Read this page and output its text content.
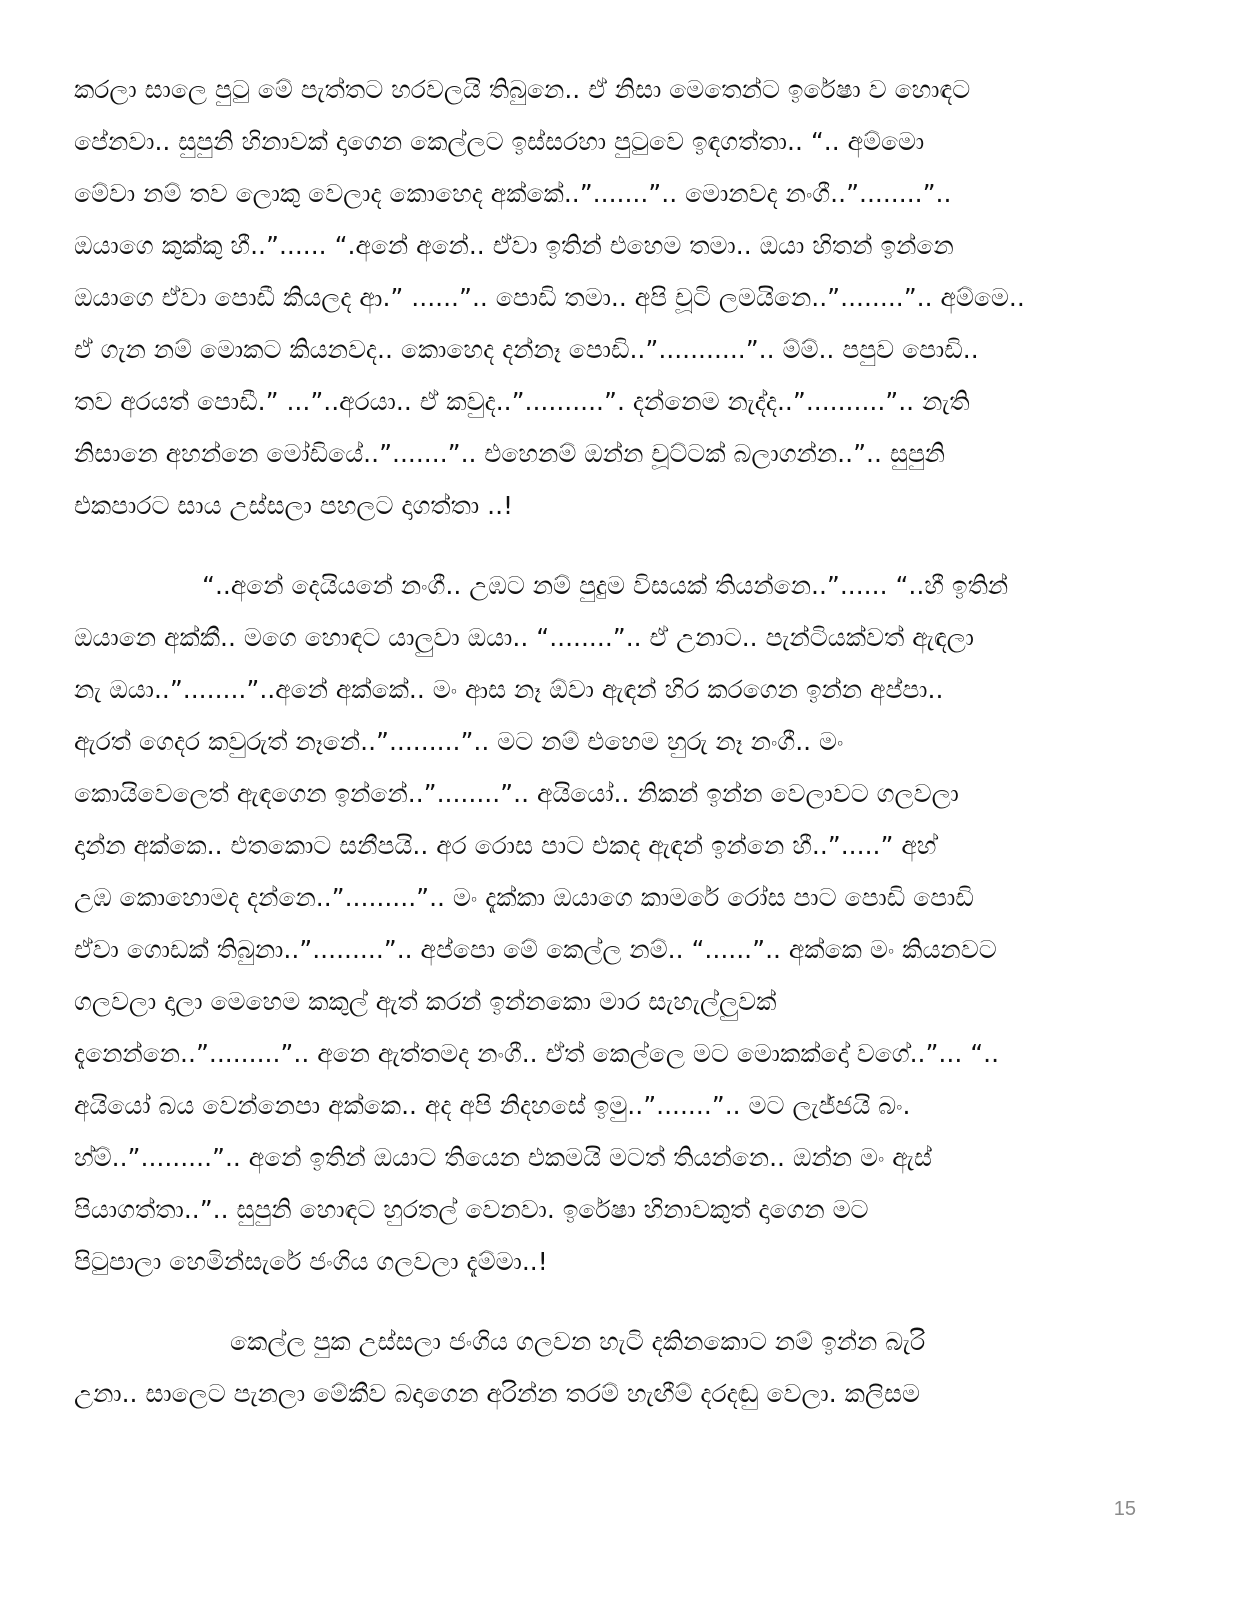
කරලා සාලෙ පුටු මේ පැත්තට හරවලයි තිබුනෙ.. ඒ නිසා මෙතෙන්ට ඉරේෂා ව හොඳට
පේනවා.. සුපුනි හිනාවක් දාගෙන කෙල්ලට ඉස්සරහා පුටුවෙ ඉඳගත්තා.. “.. අම්මො
මේවා නම් තව ලොකු වෙලාද කොහෙද අක්කේ..”.......”.. මොනවද නංගී..”........”..
ඔයාගෙ කුක්කු හී..”...... “.අනේ අනේ.. ඒවා ඉතින් එහෙම තමා.. ඔයා හිතන් ඉන්නෙ
ඔයාගෙ ඒවා පොඩී කියලද ආ.” ......”.. පොඩි තමා.. අපි චූටි ලමයිනෙ..”........”.. අම්මෙ..
ඒ ගැන නම් මොකට කියනවද.. කොහෙද දන්නෑ පොඩි..”...........”.. ම්ම්.. පපුව පොඩි..
තව අරයත් පොඩී.” ...”..අරයා.. ඒ කවුද..”..........”. දන්නෙම නැද්ද..”..........”.. නැති
නිසානෙ අහන්නෙ මෝඩියේ..”.......”.. එහෙනම් ඔන්න චූට්ටක් බලාගන්න..”.. සුපුනි
එකපාරට සාය උස්සලා පහලට දාගත්තා ..!
“..අනේ දෙයියනේ නංගී.. උඹට නම් පුදුම විසයක් තියන්නෙ..”...... “..හී ඉතින්
ඔයානෙ අක්කී.. මගෙ හොඳට යාලුවා ඔයා.. “........”.. ඒ උනාට.. පැන්ටියක්වත් ඇඳලා
නැ ඔයා..”........”..අනේ අක්කේ.. මං ආස නෑ ඕවා ඇඳන් හිර කරගෙන ඉන්න අප්පා..
ඇරත් ගෙදර කවුරුත් නෑනේ..”.........”.. මට නම් එහෙම හුරු නෑ නංගී.. මං
කොයිවෙලෙත් ඇඳගෙන ඉන්නේ..”........”.. අයියෝ.. නිකන් ඉන්න වෙලාවට ගලවලා
දාන්න අක්කෙ.. එතකොට සනීපයි.. අර රොස පාට එකද ඇඳන් ඉන්නෙ හී..”.....” අහ්
උඹ කොහොමද දන්නෙ..”.........”.. මං දැක්කා ඔයාගෙ කාමරේ රෝස පාට පොඩි පොඩි
ඒවා ගොඩක් තිබුනා..”.........”.. අප්පො මේ කෙල්ල නම්.. “......”.. අක්කෙ මං කියනවට
ගලවලා දාලා මෙහෙම කකුල් ඇත් කරන් ඉන්නකො මාර සැහැල්ලුවක්
දැනෙන්නෙ..”.........”.. අනෙ ඇත්තමද නංගී.. ඒත් කෙල්ලෙ මට මොකක්දෝ වගේ..”... “..
අයියෝ බය වෙන්නෙපා අක්කෙ.. අද අපි නිදහසේ ඉමු..”.......”.. මට ලැජ්ජයි බං.
හ්ම්..”.........”.. අනේ ඉතින් ඔයාට තියෙන එකමයි මටත් තියන්නෙ.. ඔන්න මං ඇස්
පියාගත්තා..”.. සුපුනි හොඳට හුරතල් වෙනවා. ඉරේෂා හිනාවකුත් දාගෙන මට
පිටුපාලා හෙමින්සැරේ ජංගිය ගලවලා දැම්මා..!
කෙල්ල පුක උස්සලා ජංගිය ගලවන හැටි දකිනකොට නම් ඉන්න බැරි
උනා.. සාලෙට පැනලා මේකීව බදාගෙන අරින්න තරම් හැඟීම් දරදඬු වෙලා. කලිසම
15
